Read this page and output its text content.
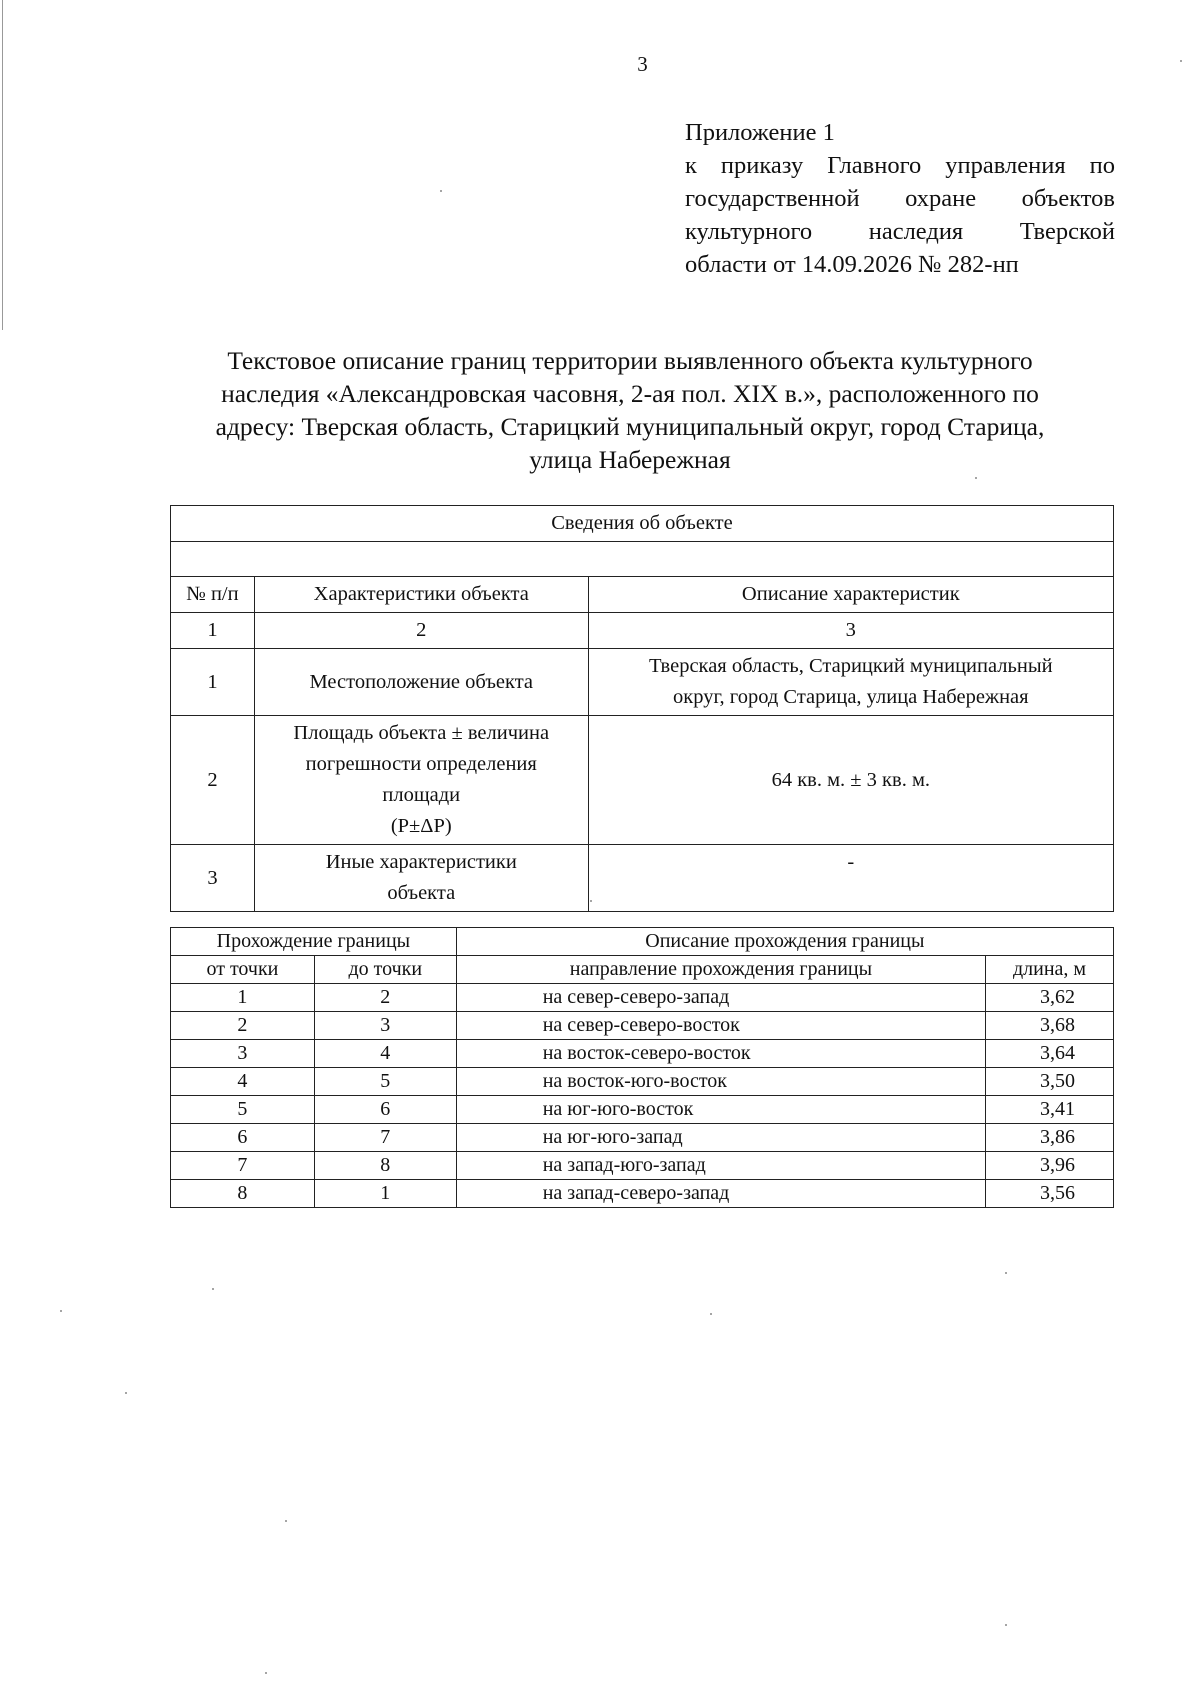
3
Приложение 1
к приказу Главного управления по
государственной охране объектов
культурного наследия Тверской
области от 14.09.2026 № 282-нп
Текстовое описание границ территории выявленного объекта культурного
наследия «Александровская часовня, 2-ая пол. XIX в.», расположенного по
адресу: Тверская область, Старицкий муниципальный округ, город Старица,
улица Набережная
Сведения об объекте		

№ п/п	Характеристики объекта	Описание характеристик
1	2	3
1	Местоположение объекта	Тверская область, Старицкий муниципальный
округ, город Старица, улица Набережная

2	Площадь объекта ± величина
погрешности определения
площади
(P±ΔP)	64 кв. м. ± 3 кв. м.

3	Иные характеристики
объекта	-
Прохождение границы		Описание прохождения границы	
от точки	до точки	направление прохождения границы	длина, м
1	2	на север-северо-запад	3,62
2	3	на север-северо-восток	3,68
3	4	на восток-северо-восток	3,64
4	5	на восток-юго-восток	3,50
5	6	на юг-юго-восток	3,41
6	7	на юг-юго-запад	3,86
7	8	на запад-юго-запад	3,96
8	1	на запад-северо-запад	3,56
